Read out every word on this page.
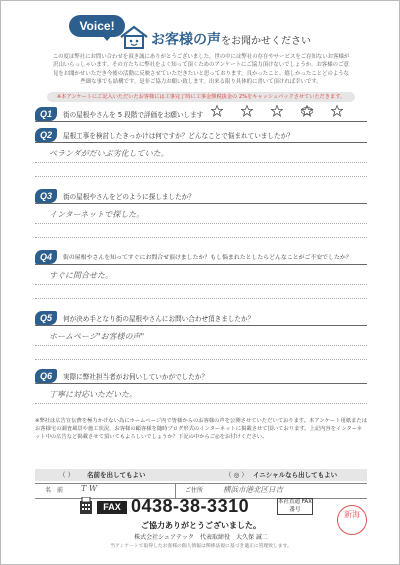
Voice!
お客様の声をお聞かせください
この度は弊社にお問い合わせを頂き誠にありがとうございました。世の中には弊社の存在やサービスをご存知ないお客様が沢山いらっしゃいます。その方たちに弊社をよく知って頂くためのアンケートにご協力頂けないでしょうか。お客様のご意見をお聞かせいただき今後の活動に反映させていただきたいと思っております。良かったこと、嬉しかったことどのような些細な事でも結構です。是非ご協力お願い致します。出来る限り具体的に書いて頂ければ幸いです。
※本アンケートにご記入いただいたお客様には工事完了時に工事金額税抜金の 2%をキャッシュバックさせていただきます。
Q1	街の屋根やさんを 5 段階で評価をお願いします
Q2	屋根工事を検討したきっかけは何ですか？どんなことで悩まれていましたか？
ベランダがだいぶ劣化していた。
Q3	街の屋根やさんをどのように探しましたか？
インターネットで探した。
Q4	街の屋根やさんを知ってすぐにお問合せ頂けましたか？もし悩まれたとしたらどんなことがご不安でしたか？
すぐに問合せた。
Q5	何が決め手となり街の屋根やさんにお問い合わせ頂きましたか？
ホームページ"お客様の声"
Q6	実際に弊社担当者がお伺いしていかがでしたか？
丁寧に対応いただいた。
※弊社は広告宣伝費を極力かけない為にホームページ内で皆様からのお客様の声を公開させていただいております。本アンケート用紙またはお客様宅の調査風景や施工状況、お客様の顧客様を随時ブログ形式のインターネットに掲載させて頂いております。上記内容をインターネット中の広告など掲載させて頂いてもよろしいでしょうか？下記の中からご◎をお付けください。
（ ） 名前を出してもよい	（ ◎ ） イニシャルなら出してもよい
名　前 T W	ご住所	横浜市港北区日吉
FAX 0438-38-3310	本社直通 FAX番号
ご協力ありがとうございました。
株式会社シェアテック　代表取締役　大久保 誠二
当アンケートで取得したお客様の個人情報は関係法規に基づき適正に管理致します。
新海
